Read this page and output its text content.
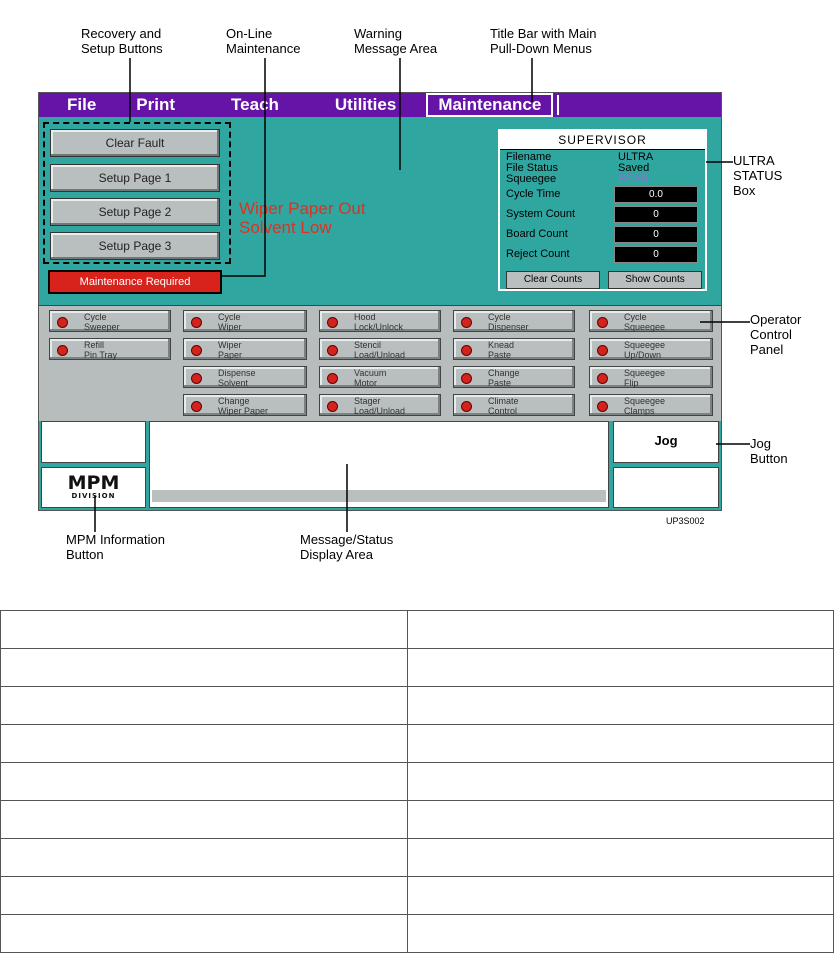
Recovery and
Setup Buttons
On-Line
Maintenance
Warning
Message Area
Title Bar with Main
Pull-Down Menus
ULTRA
STATUS
Box
Operator
Control
Panel
Jog
Button
MPM Information
Button
Message/Status
Display Area
File	Print	Teach	Utilities	Maintenance
Clear Fault
Setup Page 1
Setup Page 2
Setup Page 3
Maintenance Required
Wiper Paper Out
Solvent Low
SUPERVISOR
Filename	ULTRA
File Status	Saved
Squeegee	REAR
Cycle Time	0.0
System Count	0
Board Count	0
Reject Count	0
Clear Counts	Show Counts
Cycle
Sweeper
Cycle
Wiper
Hood
Lock/Unlock
Cycle
Dispenser
Cycle
Squeegee
Refill
Pin Tray
Wiper
Paper
Stencil
Load/Unload
Knead
Paste
Squeegee
Up/Down
Dispense
Solvent
Vacuum
Motor
Change
Paste
Squeegee
Flip
Change
Wiper Paper
Stager
Load/Unload
Climate
Control
Squeegee
Clamps
MPM
DIVISION
Jog
UP3S002
